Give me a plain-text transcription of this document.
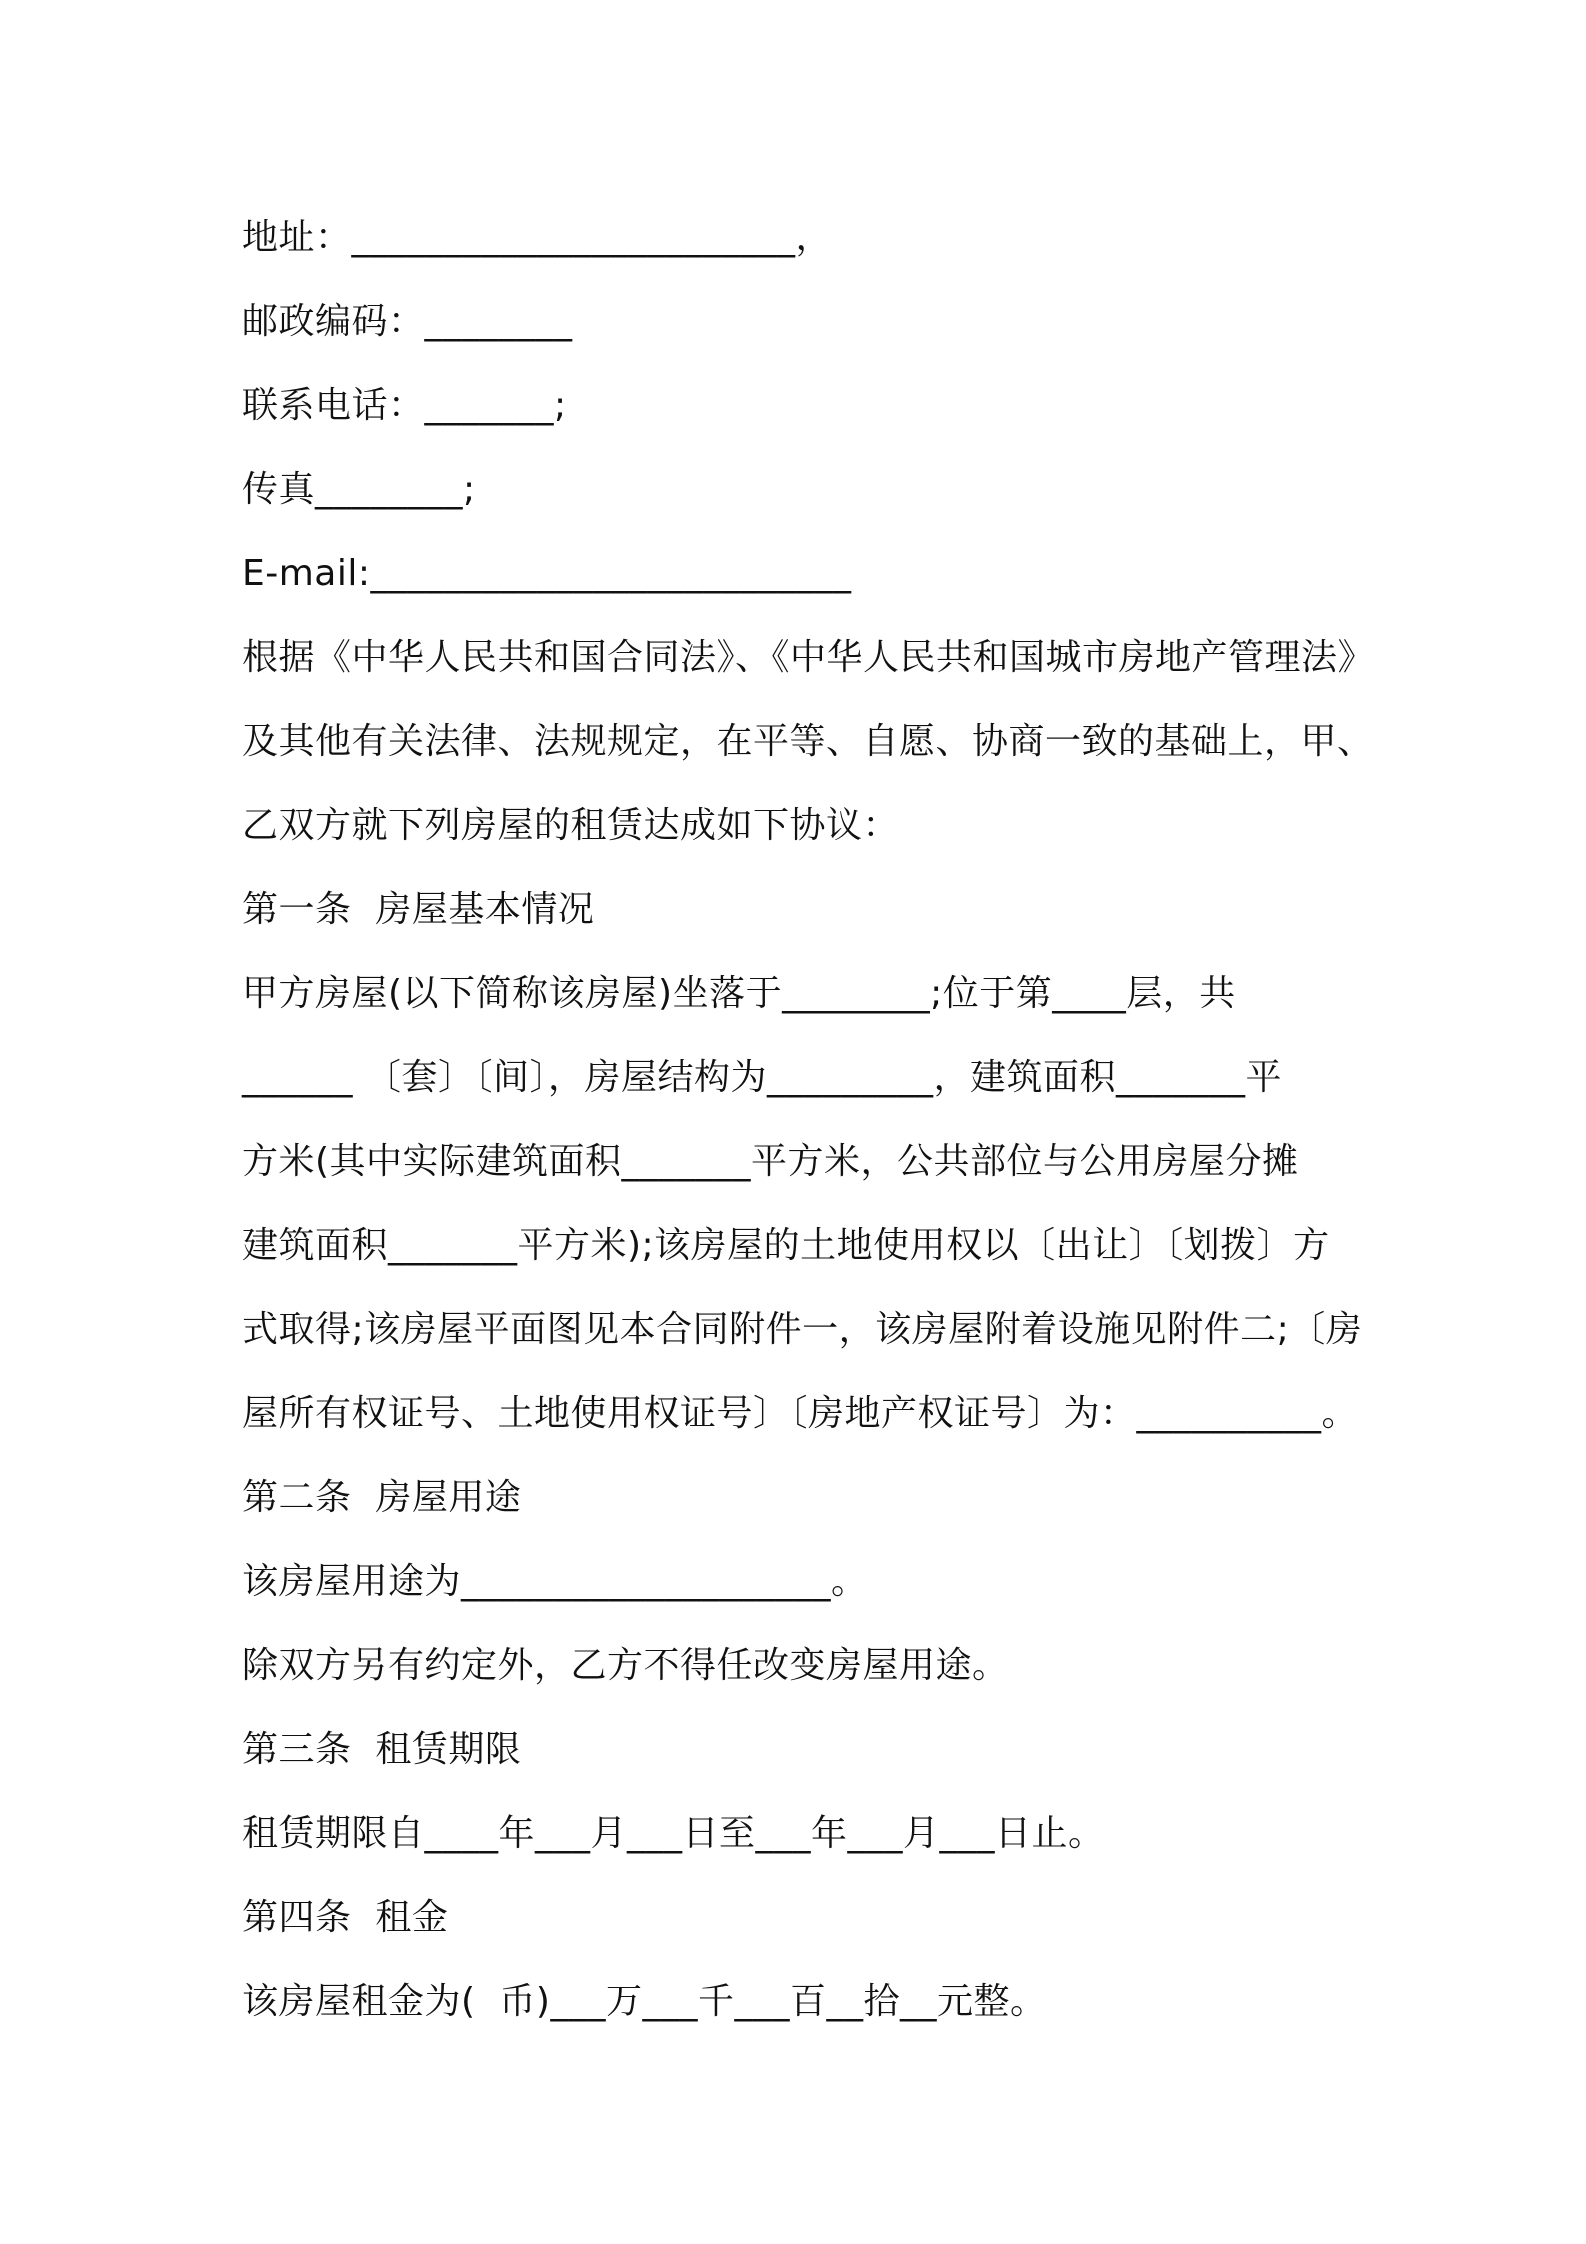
地址：________________________，
邮政编码：________
联系电话：_______;
传真________;
E-mail:__________________________
根据《中华人民共和国合同法》、《中华人民共和国城市房地产管理法》
及其他有关法律、法规规定，在平等、自愿、协商一致的基础上，甲、
乙双方就下列房屋的租赁达成如下协议：
第一条  房屋基本情况
甲方房屋(以下简称该房屋)坐落于________;位于第____层，共
______ 〔套〕〔间〕，房屋结构为_________，建筑面积_______平
方米(其中实际建筑面积_______平方米，公共部位与公用房屋分摊
建筑面积_______平方米);该房屋的土地使用权以〔出让〕〔划拨〕方
式取得;该房屋平面图见本合同附件一，该房屋附着设施见附件二;〔房
屋所有权证号、土地使用权证号〕〔房地产权证号〕为：__________。
第二条  房屋用途
该房屋用途为____________________。
除双方另有约定外，乙方不得任改变房屋用途。
第三条  租赁期限
租赁期限自____年___月___日至___年___月___日止。
第四条  租金
该房屋租金为(  币)___万___千___百__拾__元整。
